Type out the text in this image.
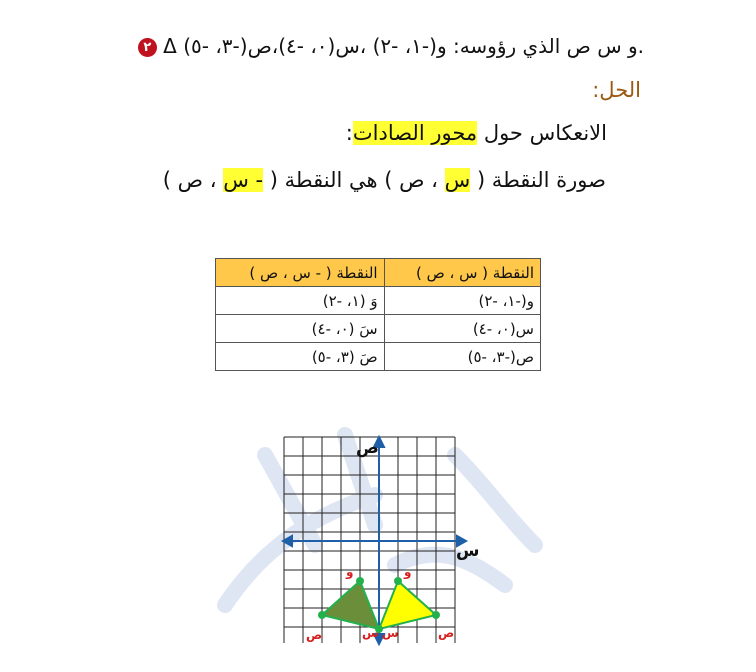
٢ Δ و س ص الذي رؤوسه: و(-١، -٢) ،س(٠، -٤)،ص(-٣، -٥).
الحل:
الانعكاس حول محور الصادات:
صورة النقطة ( س ، ص ) هي النقطة ( - س ، ص )
النقطة ( س ، ص )	النقطة ( - س ، ص )
و(-١، -٢)	وَ (١، -٢)
س(٠، -٤)	سَ (٠، -٤)
ص(-٣، -٥)	صَ (٣، -٥)
ص
س
و	و
س س
ص	ص
